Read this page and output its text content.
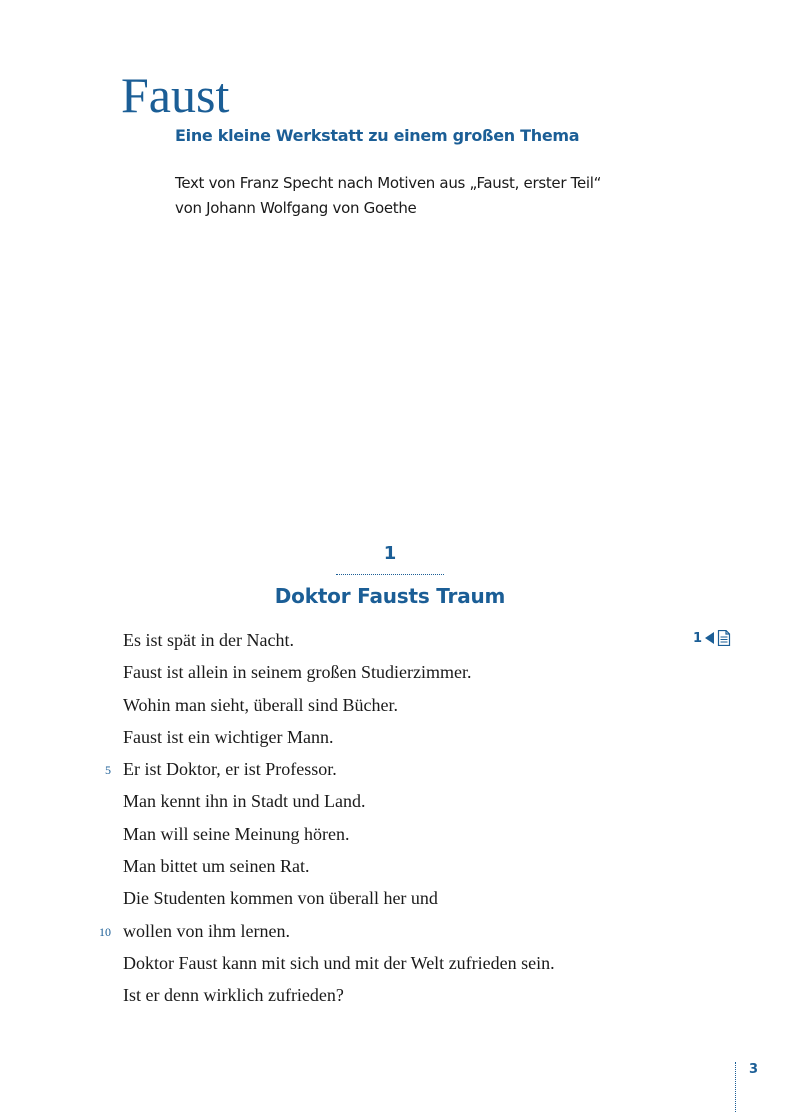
Faust
Eine kleine Werkstatt zu einem großen Thema
Text von Franz Specht nach Motiven aus „Faust, erster Teil“
von Johann Wolfgang von Goethe
1
Doktor Fausts Traum
1
Es ist spät in der Nacht.
Faust ist allein in seinem großen Studierzimmer.
Wohin man sieht, überall sind Bücher.
Faust ist ein wichtiger Mann.
5 Er ist Doktor, er ist Professor.
Man kennt ihn in Stadt und Land.
Man will seine Meinung hören.
Man bittet um seinen Rat.
Die Studenten kommen von überall her und
10 wollen von ihm lernen.
Doktor Faust kann mit sich und mit der Welt zufrieden sein.
Ist er denn wirklich zufrieden?
3
